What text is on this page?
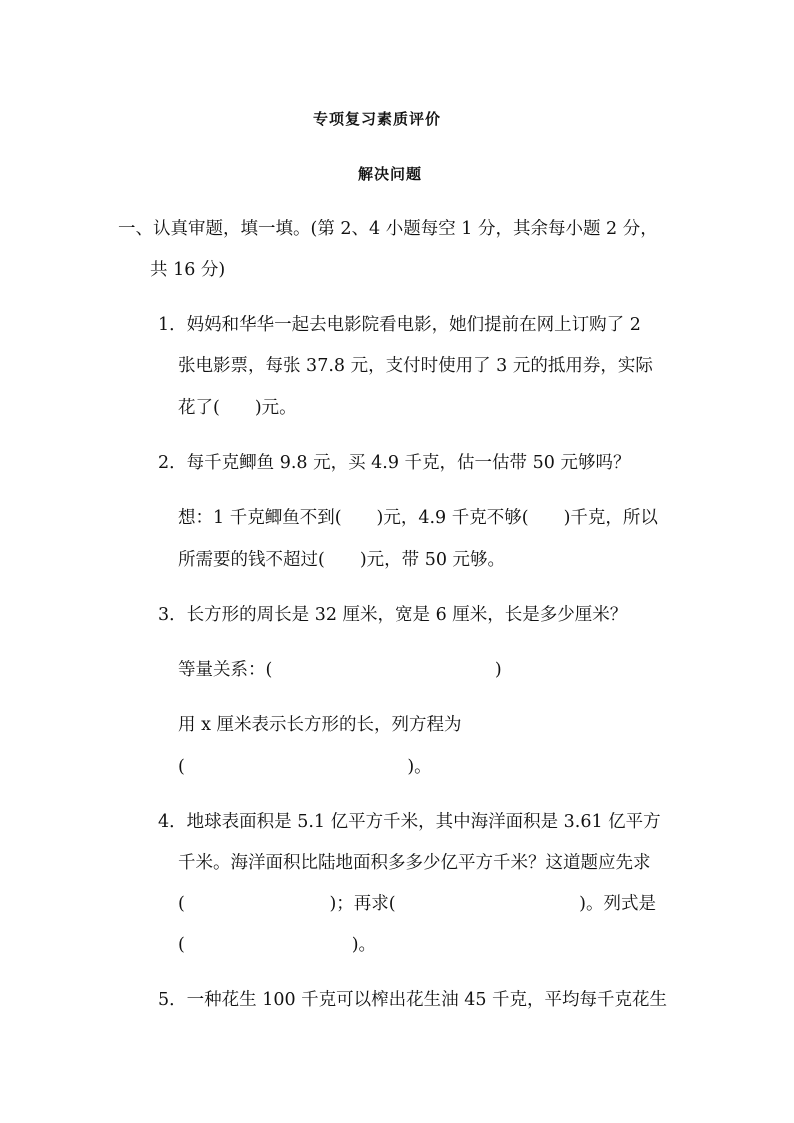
专项复习素质评价
解决问题
一、认真审题，填一填。(第 2、4 小题每空 1 分，其余每小题 2 分，
共 16 分)
1．妈妈和华华一起去电影院看电影，她们提前在网上订购了 2
张电影票，每张 37.8 元，支付时使用了 3 元的抵用券，实际
花了(　　)元。
2．每千克鲫鱼 9.8 元，买 4.9 千克，估一估带 50 元够吗？
想：1 千克鲫鱼不到(　　)元，4.9 千克不够(　　)千克，所以
所需要的钱不超过(　　)元，带 50 元够。
3．长方形的周长是 32 厘米，宽是 6 厘米，长是多少厘米？
等量关系：(                                        )
用 x 厘米表示长方形的长，列方程为
(                                        )。
4．地球表面积是 5.1 亿平方千米，其中海洋面积是 3.61 亿平方
千米。海洋面积比陆地面积多多少亿平方千米？这道题应先求
(                          )；再求(                                 )。列式是
(                              )。
5．一种花生 100 千克可以榨出花生油 45 千克，平均每千克花生
